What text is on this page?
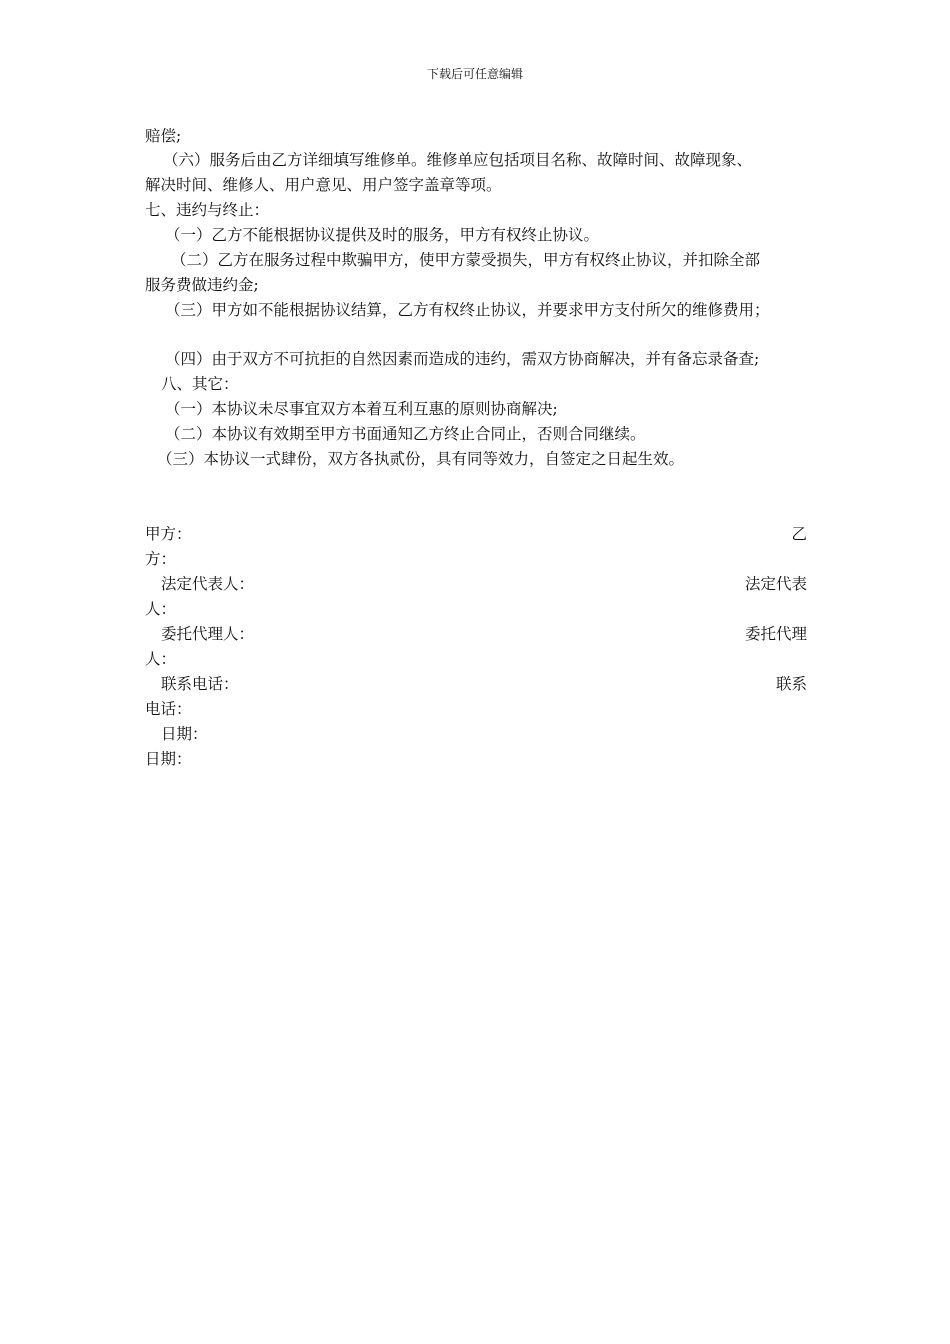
下载后可任意编辑
赔偿;
（六）服务后由乙方详细填写维修单。维修单应包括项目名称、故障时间、故障现象、
解决时间、维修人、用户意见、用户签字盖章等项。
七、违约与终止：
（一）乙方不能根据协议提供及时的服务，甲方有权终止协议。
（二）乙方在服务过程中欺骗甲方，使甲方蒙受损失，甲方有权终止协议，并扣除全部
服务费做违约金;
（三）甲方如不能根据协议结算，乙方有权终止协议，并要求甲方支付所欠的维修费用；
（四）由于双方不可抗拒的自然因素而造成的违约，需双方协商解决，并有备忘录备查;
八、其它：
（一）本协议未尽事宜双方本着互利互惠的原则协商解决;
（二）本协议有效期至甲方书面通知乙方终止合同止，否则合同继续。
（三）本协议一式肆份，双方各执贰份，具有同等效力，自签定之日起生效。
甲方：	乙
方：
法定代表人：	法定代表
人：
委托代理人：	委托代理
人：
联系电话：	联系
电话：
日期：
日期：
